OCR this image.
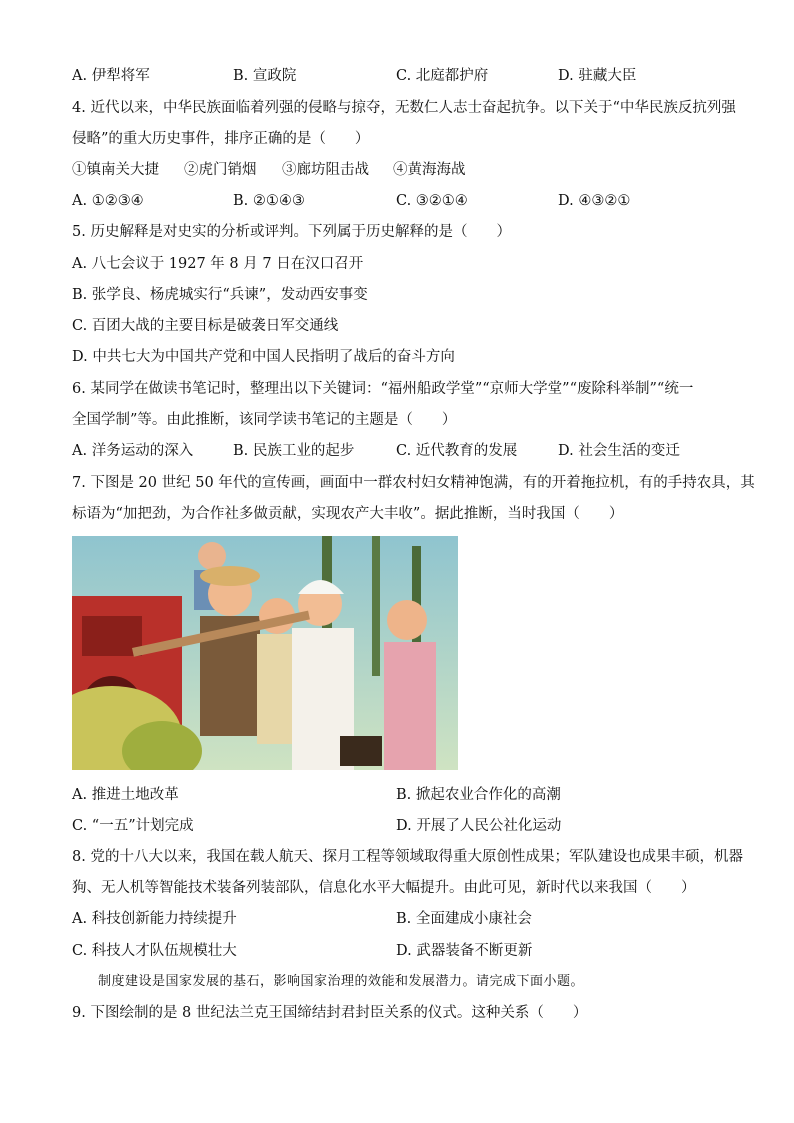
A. 伊犁将军	B. 宣政院	C. 北庭都护府	D. 驻藏大臣
4. 近代以来，中华民族面临着列强的侵略与掠夺，无数仁人志士奋起抗争。以下关于“中华民族反抗列强
侵略”的重大历史事件，排序正确的是（　　）
①镇南关大捷 ②虎门销烟 ③廊坊阻击战 ④黄海海战
A. ①②③④	B. ②①④③	C. ③②①④	D. ④③②①
5. 历史解释是对史实的分析或评判。下列属于历史解释的是（　　）
A. 八七会议于 1927 年 8 月 7 日在汉口召开
B. 张学良、杨虎城实行“兵谏”，发动西安事变
C. 百团大战的主要目标是破袭日军交通线
D. 中共七大为中国共产党和中国人民指明了战后的奋斗方向
6. 某同学在做读书笔记时，整理出以下关键词：“福州船政学堂”“京师大学堂”“废除科举制”“统一
全国学制”等。由此推断，该同学读书笔记的主题是（　　）
A. 洋务运动的深入	B. 民族工业的起步	C. 近代教育的发展	D. 社会生活的变迁
7. 下图是 20 世纪 50 年代的宣传画，画面中一群农村妇女精神饱满，有的开着拖拉机，有的手持农具，其
标语为“加把劲，为合作社多做贡献，实现农产大丰收”。据此推断，当时我国（　　）
A. 推进土地改革	B. 掀起农业合作化的高潮
C. “一五”计划完成	D. 开展了人民公社化运动
8. 党的十八大以来，我国在载人航天、探月工程等领域取得重大原创性成果；军队建设也成果丰硕，机器
狗、无人机等智能技术装备列装部队，信息化水平大幅提升。由此可见，新时代以来我国（　　）
A. 科技创新能力持续提升	B. 全面建成小康社会
C. 科技人才队伍规模壮大	D. 武器装备不断更新
制度建设是国家发展的基石，影响国家治理的效能和发展潜力。请完成下面小题。
9. 下图绘制的是 8 世纪法兰克王国缔结封君封臣关系的仪式。这种关系（　　）
